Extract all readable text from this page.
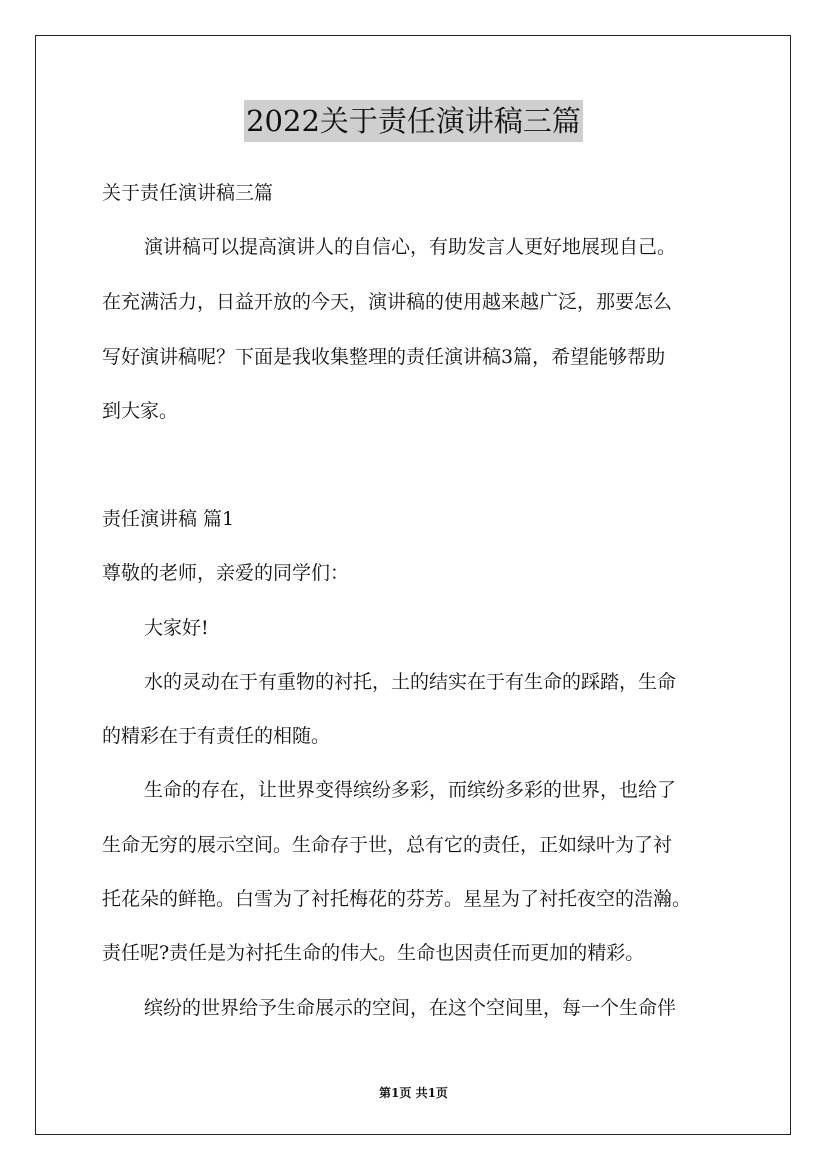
2022关于责任演讲稿三篇
关于责任演讲稿三篇
演讲稿可以提高演讲人的自信心，有助发言人更好地展现自己。
在充满活力，日益开放的今天，演讲稿的使用越来越广泛，那要怎么
写好演讲稿呢？下面是我收集整理的责任演讲稿3篇，希望能够帮助
到大家。
责任演讲稿 篇1
尊敬的老师，亲爱的同学们：
大家好!
水的灵动在于有重物的衬托，土的结实在于有生命的踩踏，生命
的精彩在于有责任的相随。
生命的存在，让世界变得缤纷多彩，而缤纷多彩的世界，也给了
生命无穷的展示空间。生命存于世，总有它的责任，正如绿叶为了衬
托花朵的鲜艳。白雪为了衬托梅花的芬芳。星星为了衬托夜空的浩瀚。
责任呢?责任是为衬托生命的伟大。生命也因责任而更加的精彩。
缤纷的世界给予生命展示的空间，在这个空间里，每一个生命伴
第1页 共1页
